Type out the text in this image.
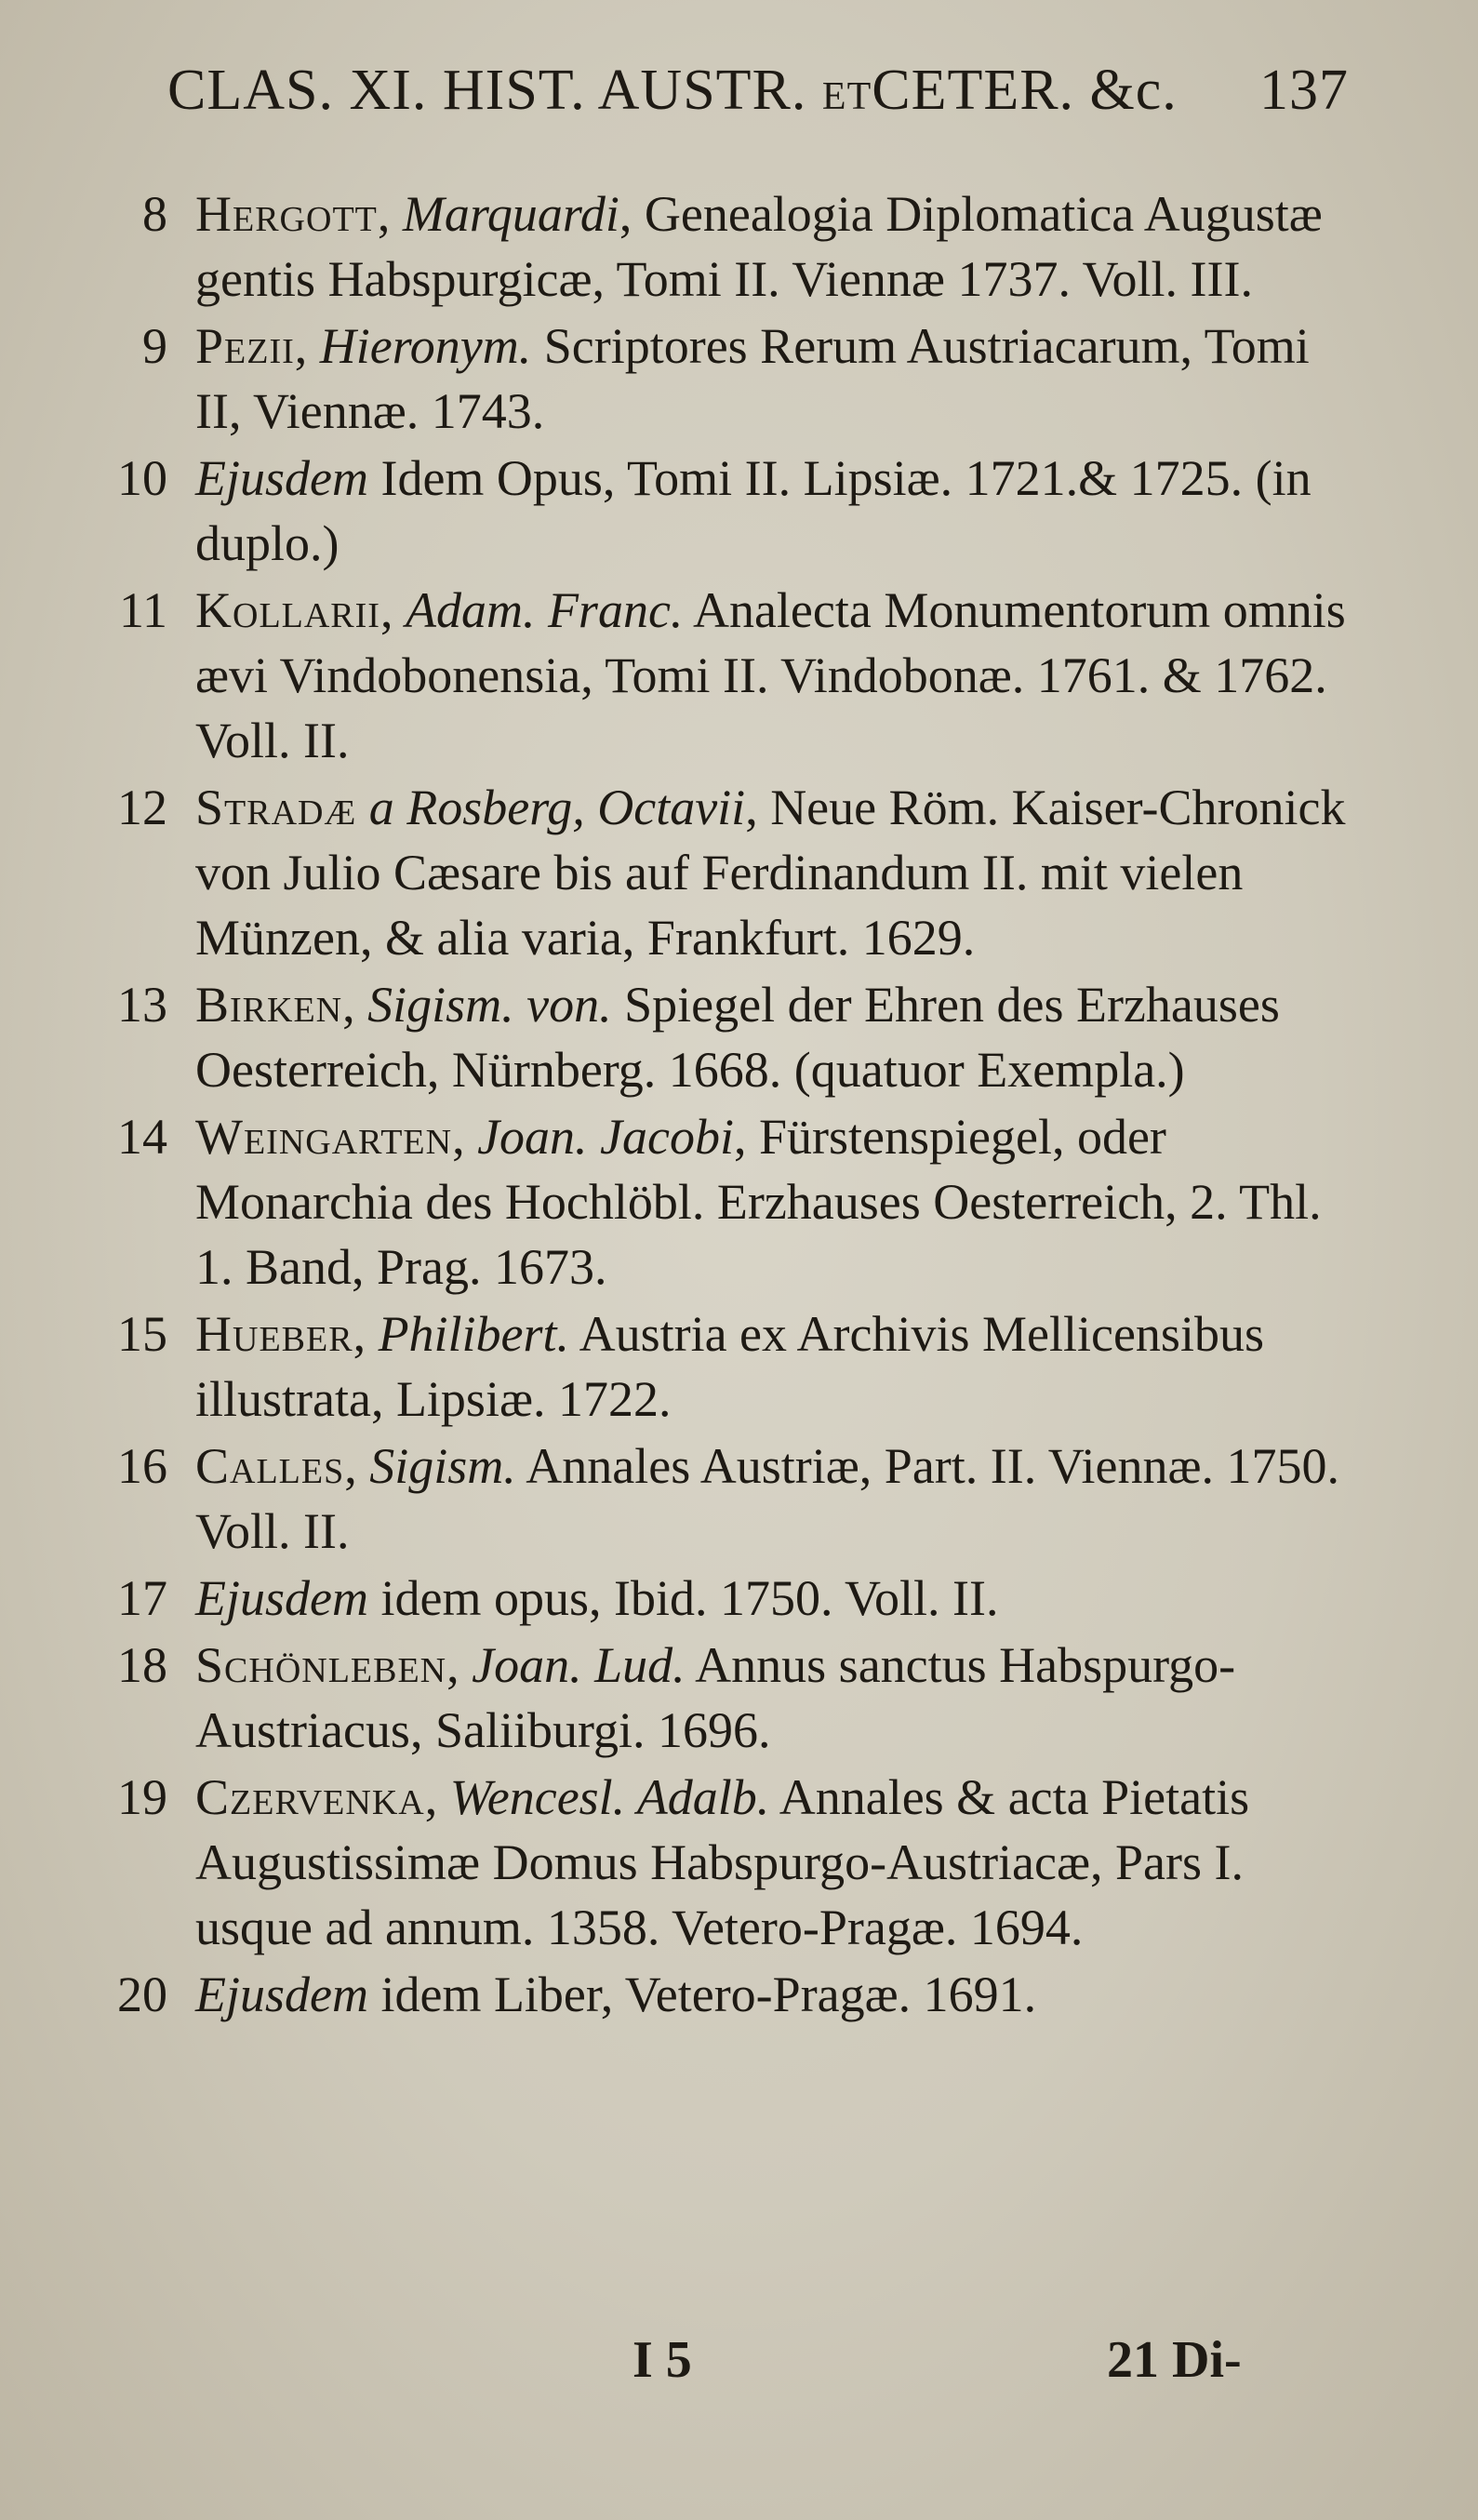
CLAS. XI. HIST. AUSTR. ETCETER. &c. 137
8 Hergott, Marquardi, Genealogia Diplomatica Augustæ gentis Habspurgicæ, Tomi II. Viennæ 1737. Voll. III.
9 Pezii, Hieronym. Scriptores Rerum Austriacarum, Tomi II, Viennæ. 1743.
10 Ejusdem Idem Opus, Tomi II. Lipsiæ. 1721.& 1725. (in duplo.)
11 Kollarii, Adam. Franc. Analecta Monumentorum omnis ævi Vindobonensia, Tomi II. Vindobonæ. 1761. & 1762. Voll. II.
12 Stradæ a Rosberg, Octavii, Neue Röm. Kaiser-Chronick von Julio Cæsare bis auf Ferdinandum II. mit vielen Münzen, & alia varia, Frankfurt. 1629.
13 Birken, Sigism. von. Spiegel der Ehren des Erzhauses Oesterreich, Nürnberg. 1668. (quatuor Exempla.)
14 Weingarten, Joan. Jacobi, Fürstenspiegel, oder Monarchia des Hochlöbl. Erzhauses Oesterreich, 2. Thl. 1. Band, Prag. 1673.
15 Hueber, Philibert. Austria ex Archivis Mellicensibus illustrata, Lipsiæ. 1722.
16 Calles, Sigism. Annales Austriæ, Part. II. Viennæ. 1750. Voll. II.
17 Ejusdem idem opus, Ibid. 1750. Voll. II.
18 Schönleben, Joan. Lud. Annus sanctus Habspurgo-Austriacus, Saliiburgi. 1696.
19 Czervenka, Wencesl. Adalb. Annales & acta Pietatis Augustissimæ Domus Habspurgo-Austriacæ, Pars I. usque ad annum. 1358. Vetero-Pragæ. 1694.
20 Ejusdem idem Liber, Vetero-Pragæ. 1691.
I 5	21 Di-
